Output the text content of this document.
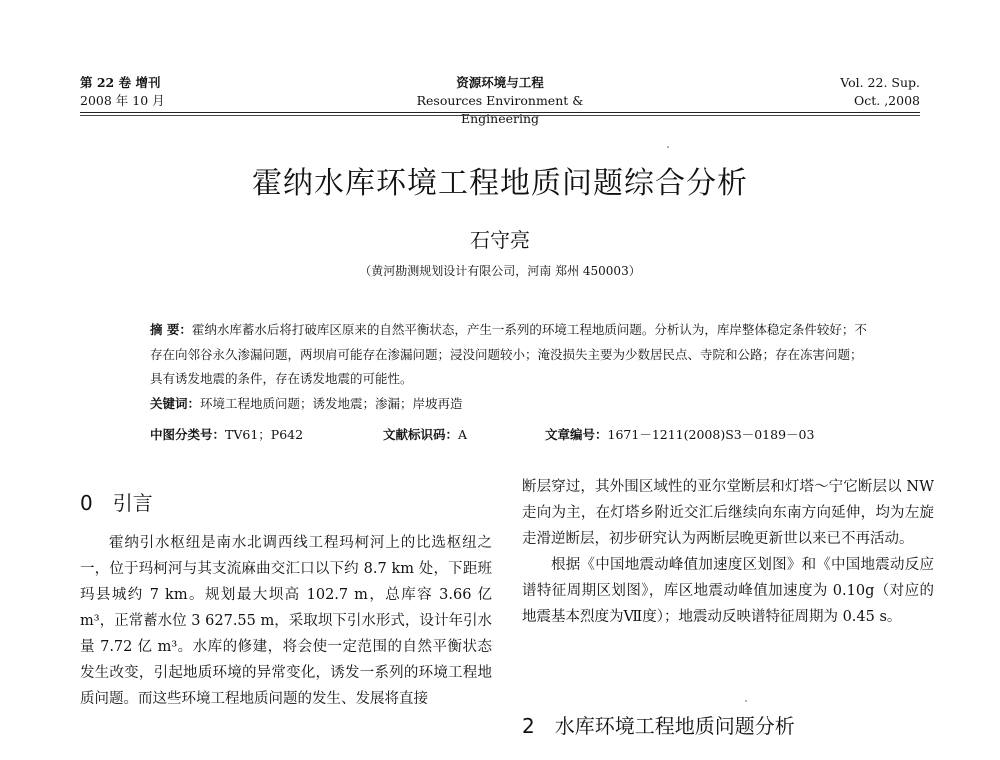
第 22 卷 增刊
2008 年 10 月
资源环境与工程
Resources Environment & Engineering
Vol. 22. Sup.
Oct. ,2008
霍纳水库环境工程地质问题综合分析
石守亮
（黄河勘测规划设计有限公司，河南 郑州 450003）

摘 要：霍纳水库蓄水后将打破库区原来的自然平衡状态，产生一系列的环境工程地质问题。分析认为，库岸整体稳定条件较好；不存在向邻谷永久渗漏问题，两坝肩可能存在渗漏问题；浸没问题较小；淹没损失主要为少数居民点、寺院和公路；存在冻害问题；具有诱发地震的条件，存在诱发地震的可能性。

关键词：环境工程地质问题；诱发地震；渗漏；岸坡再造

中图分类号：TV61；P642	文献标识码：A	文章编号：1671－1211(2008)S3－0189－03
0 引言

霍纳引水枢纽是南水北调西线工程玛柯河上的比选枢纽之一，位于玛柯河与其支流麻曲交汇口以下约 8.7 km 处，下距班玛县城约 7 km。规划最大坝高 102.7 m，总库容 3.66 亿 m³，正常蓄水位 3 627.55 m，采取坝下引水形式，设计年引水量 7.72 亿 m³。水库的修建，将会使一定范围的自然平衡状态发生改变，引起地质环境的异常变化，诱发一系列的环境工程地质问题。而这些环境工程地质问题的发生、发展将直接

断层穿过，其外围区域性的亚尔堂断层和灯塔～宁它断层以 NW 走向为主，在灯塔乡附近交汇后继续向东南方向延伸，均为左旋走滑逆断层，初步研究认为两断层晚更新世以来已不再活动。

根据《中国地震动峰值加速度区划图》和《中国地震动反应谱特征周期区划图》，库区地震动峰值加速度为 0.10g（对应的地震基本烈度为Ⅶ度）；地震动反映谱特征周期为 0.45 s。

2 水库环境工程地质问题分析
